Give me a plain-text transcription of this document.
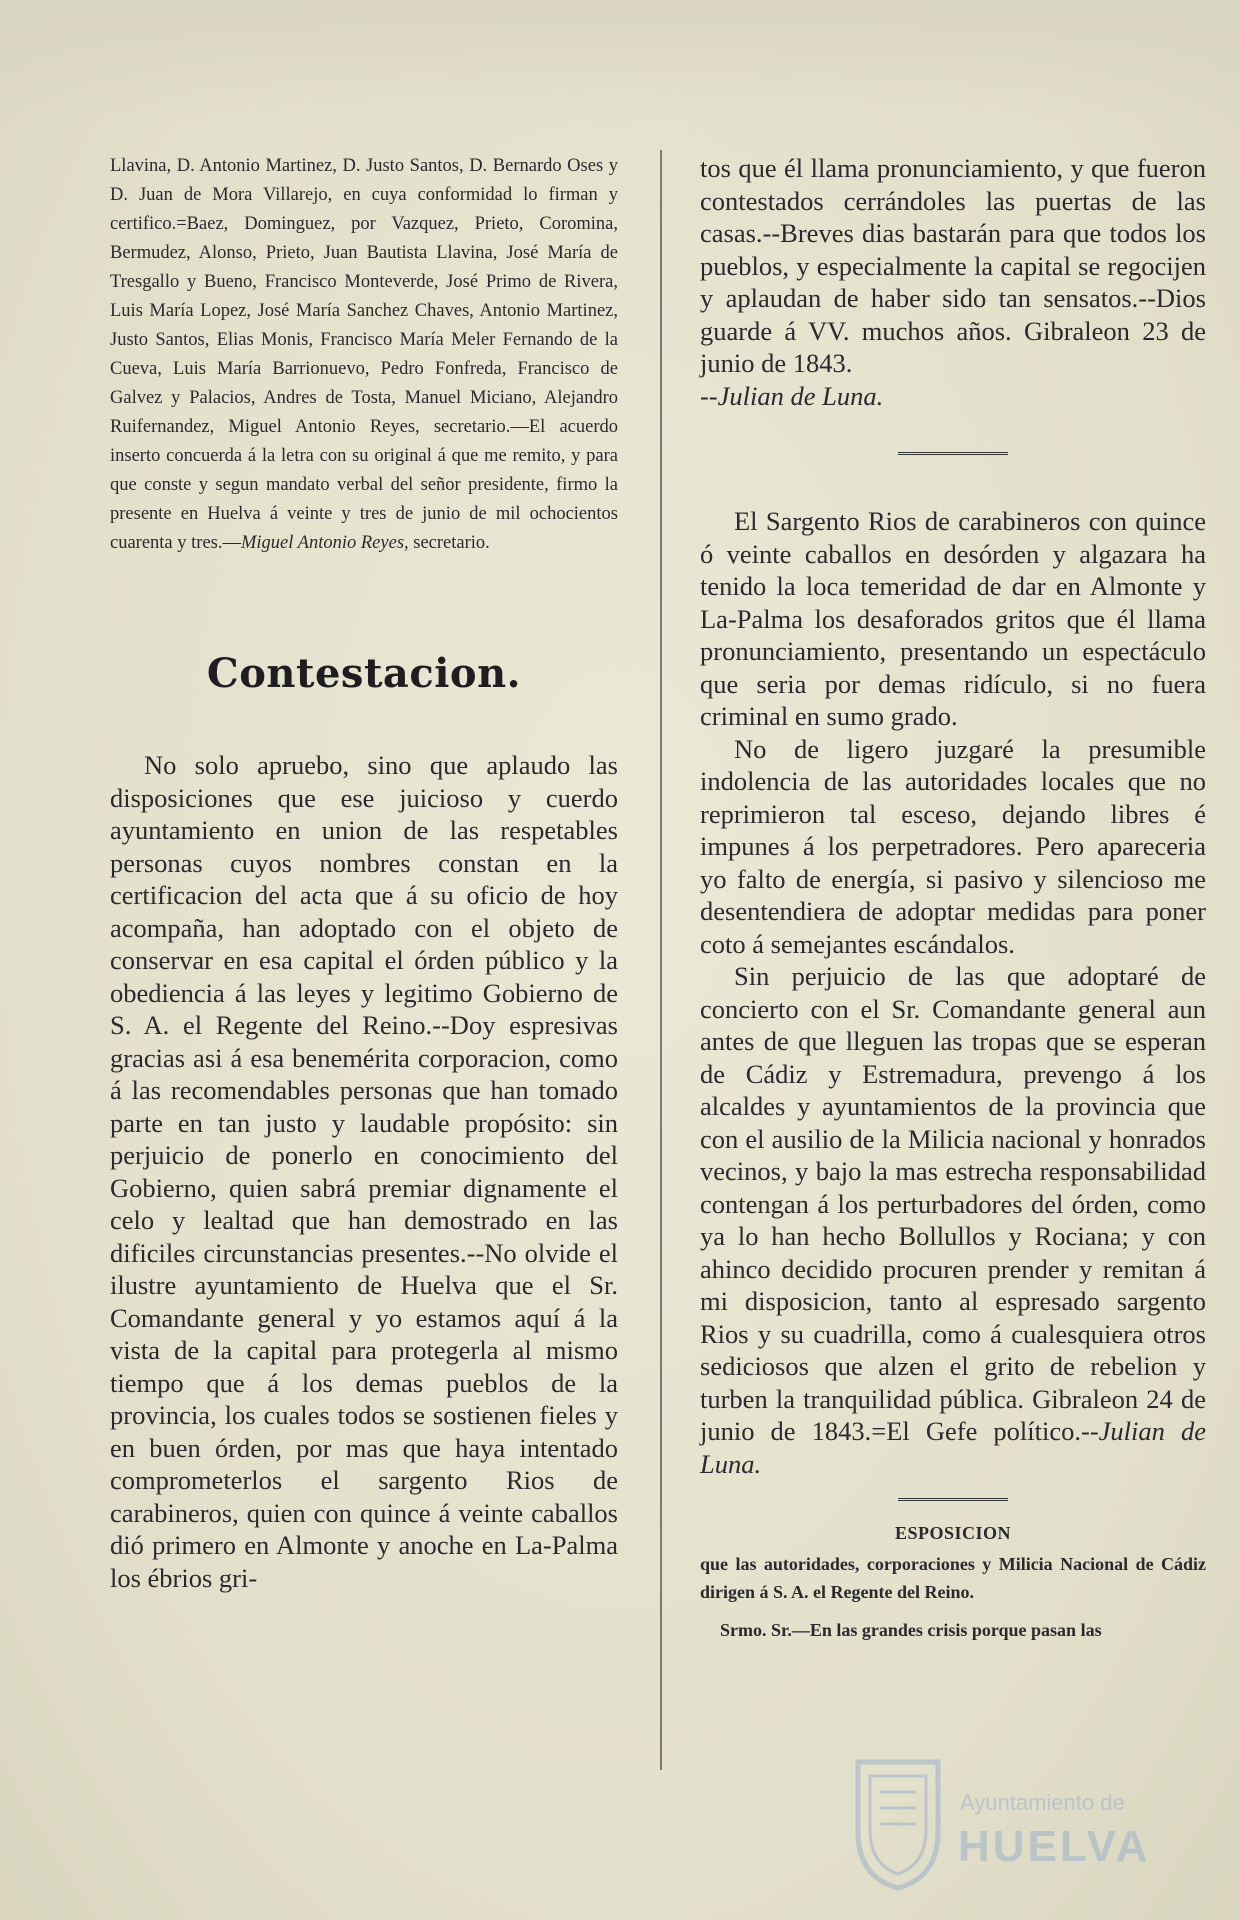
Llavina, D. Antonio Martinez, D. Justo Santos, D. Bernardo Oses y D. Juan de Mora Villarejo, en cuya conformidad lo firman y certifico.=Baez, Dominguez, por Vazquez, Prieto, Coromina, Bermudez, Alonso, Prieto, Juan Bautista Llavina, José María de Tresgallo y Bueno, Francisco Monteverde, José Primo de Rivera, Luis María Lopez, José María Sanchez Chaves, Antonio Martinez, Justo Santos, Elias Monis, Francisco María Meler Fernando de la Cueva, Luis María Barrionuevo, Pedro Fonfreda, Francisco de Galvez y Palacios, Andres de Tosta, Manuel Miciano, Alejandro Ruifernandez, Miguel Antonio Reyes, secretario.—El acuerdo inserto concuerda á la letra con su original á que me remito, y para que conste y segun mandato verbal del señor presidente, firmo la presente en Huelva á veinte y tres de junio de mil ochocientos cuarenta y tres.—Miguel Antonio Reyes, secretario.

Contestacion.

No solo apruebo, sino que aplaudo las disposiciones que ese juicioso y cuerdo ayuntamiento en union de las respetables personas cuyos nombres constan en la certificacion del acta que á su oficio de hoy acompaña, han adoptado con el objeto de conservar en esa capital el órden público y la obediencia á las leyes y legitimo Gobierno de S. A. el Regente del Reino.--Doy espresivas gracias asi á esa benemérita corporacion, como á las recomendables personas que han tomado parte en tan justo y laudable propósito: sin perjuicio de ponerlo en conocimiento del Gobierno, quien sabrá premiar dignamente el celo y lealtad que han demostrado en las dificiles circunstancias presentes.--No olvide el ilustre ayuntamiento de Huelva que el Sr. Comandante general y yo estamos aquí á la vista de la capital para protegerla al mismo tiempo que á los demas pueblos de la provincia, los cuales todos se sostienen fieles y en buen órden, por mas que haya intentado comprometerlos el sargento Rios de carabineros, quien con quince á veinte caballos dió primero en Almonte y anoche en La-Palma los ébrios gri-

tos que él llama pronunciamiento, y que fueron contestados cerrándoles las puertas de las casas.--Breves dias bastarán para que todos los pueblos, y especialmente la capital se regocijen y aplaudan de haber sido tan sensatos.--Dios guarde á VV. muchos años. Gibraleon 23 de junio de 1843.
--Julian de Luna.

El Sargento Rios de carabineros con quince ó veinte caballos en desórden y algazara ha tenido la loca temeridad de dar en Almonte y La-Palma los desaforados gritos que él llama pronunciamiento, presentando un espectáculo que seria por demas ridículo, si no fuera criminal en sumo grado.

No de ligero juzgaré la presumible indolencia de las autoridades locales que no reprimieron tal esceso, dejando libres é impunes á los perpetradores. Pero apareceria yo falto de energía, si pasivo y silencioso me desentendiera de adoptar medidas para poner coto á semejantes escándalos.

Sin perjuicio de las que adoptaré de concierto con el Sr. Comandante general aun antes de que lleguen las tropas que se esperan de Cádiz y Estremadura, prevengo á los alcaldes y ayuntamientos de la provincia que con el ausilio de la Milicia nacional y honrados vecinos, y bajo la mas estrecha responsabilidad contengan á los perturbadores del órden, como ya lo han hecho Bollullos y Rociana; y con ahinco decidido procuren prender y remitan á mi disposicion, tanto al espresado sargento Rios y su cuadrilla, como á cualesquiera otros sediciosos que alzen el grito de rebelion y turben la tranquilidad pública. Gibraleon 24 de junio de 1843.=El Gefe político.--Julian de Luna.

ESPOSICION

que las autoridades, corporaciones y Milicia Nacional de Cádiz dirigen á S. A. el Regente del Reino.

Srmo. Sr.—En las grandes crisis porque pasan las

Ayuntamiento de
HUELVA
